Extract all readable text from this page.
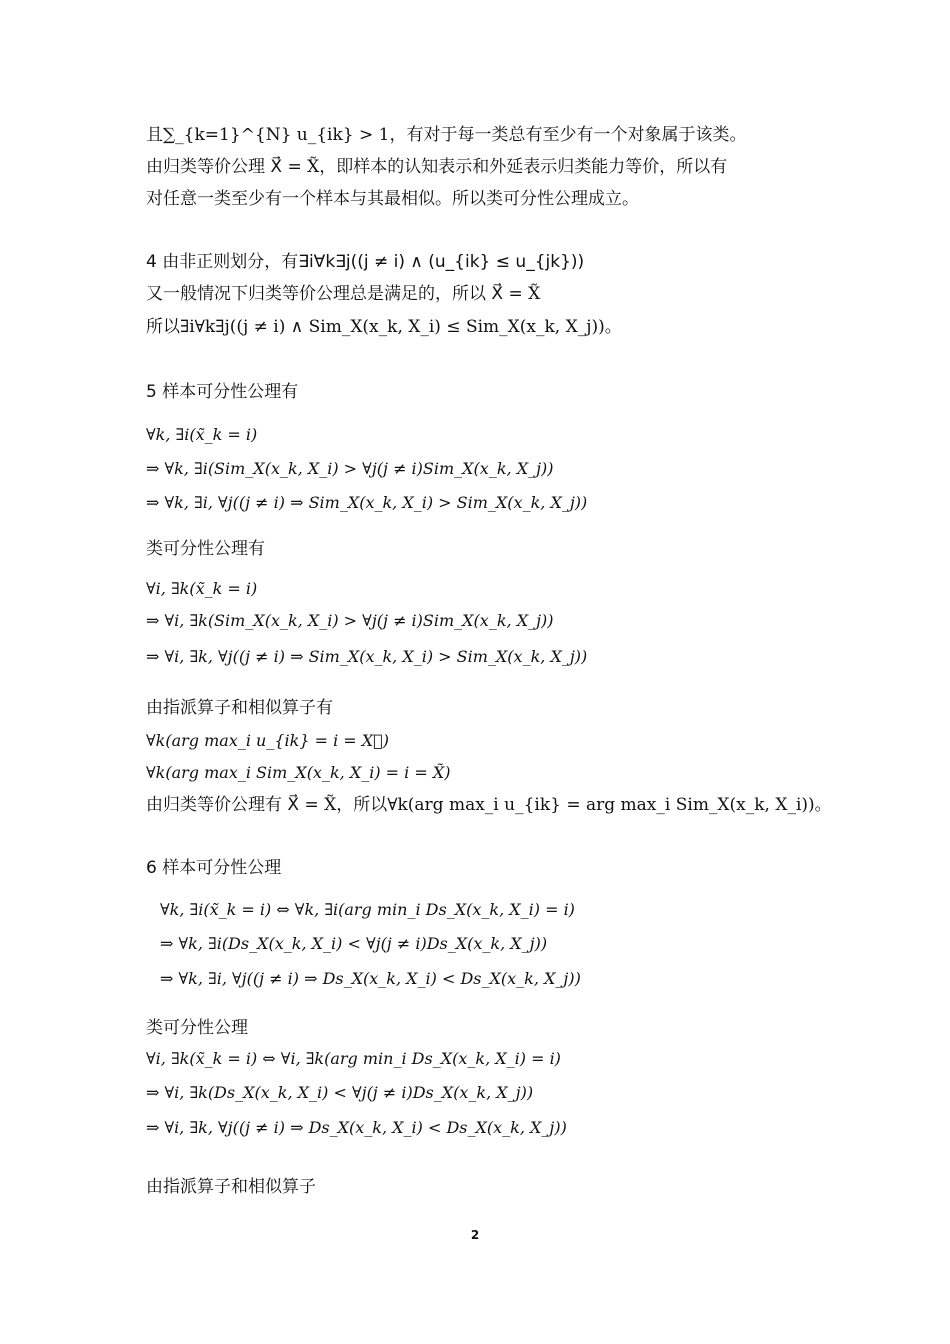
且∑_{k=1}^{N} u_{ik} > 1，有对于每一类总有至少有一个对象属于该类。
由归类等价公理 X⃗ = X̃，即样本的认知表示和外延表示归类能力等价，所以有
对任意一类至少有一个样本与其最相似。所以类可分性公理成立。
4 由非正则划分，有∃i∀k∃j((j ≠ i) ∧ (u_{ik} ≤ u_{jk}))
又一般情况下归类等价公理总是满足的，所以 X⃗ = X̃
所以∃i∀k∃j((j ≠ i) ∧ Sim_X(x_k, X_i) ≤ Sim_X(x_k, X_j))。
5 样本可分性公理有
∀k, ∃i(x̃_k = i)
⇒ ∀k, ∃i(Sim_X(x_k, X_i) > ∀j(j ≠ i)Sim_X(x_k, X_j))
⇒ ∀k, ∃i, ∀j((j ≠ i) ⇒ Sim_X(x_k, X_i) > Sim_X(x_k, X_j))
类可分性公理有
∀i, ∃k(x̃_k = i)
⇒ ∀i, ∃k(Sim_X(x_k, X_i) > ∀j(j ≠ i)Sim_X(x_k, X_j))
⇒ ∀i, ∃k, ∀j((j ≠ i) ⇒ Sim_X(x_k, X_i) > Sim_X(x_k, X_j))
由指派算子和相似算子有
∀k(arg max_i u_{ik} = i = X⃗)
∀k(arg max_i Sim_X(x_k, X_i) = i = X̃)
由归类等价公理有 X⃗ = X̃，所以∀k(arg max_i u_{ik} = arg max_i Sim_X(x_k, X_i))。
6 样本可分性公理
∀k, ∃i(x̃_k = i) ⇔ ∀k, ∃i(arg min_i Ds_X(x_k, X_i) = i)
⇒ ∀k, ∃i(Ds_X(x_k, X_i) < ∀j(j ≠ i)Ds_X(x_k, X_j))
⇒ ∀k, ∃i, ∀j((j ≠ i) ⇒ Ds_X(x_k, X_i) < Ds_X(x_k, X_j))
类可分性公理
∀i, ∃k(x̃_k = i) ⇔ ∀i, ∃k(arg min_i Ds_X(x_k, X_i) = i)
⇒ ∀i, ∃k(Ds_X(x_k, X_i) < ∀j(j ≠ i)Ds_X(x_k, X_j))
⇒ ∀i, ∃k, ∀j((j ≠ i) ⇒ Ds_X(x_k, X_i) < Ds_X(x_k, X_j))
由指派算子和相似算子
2
